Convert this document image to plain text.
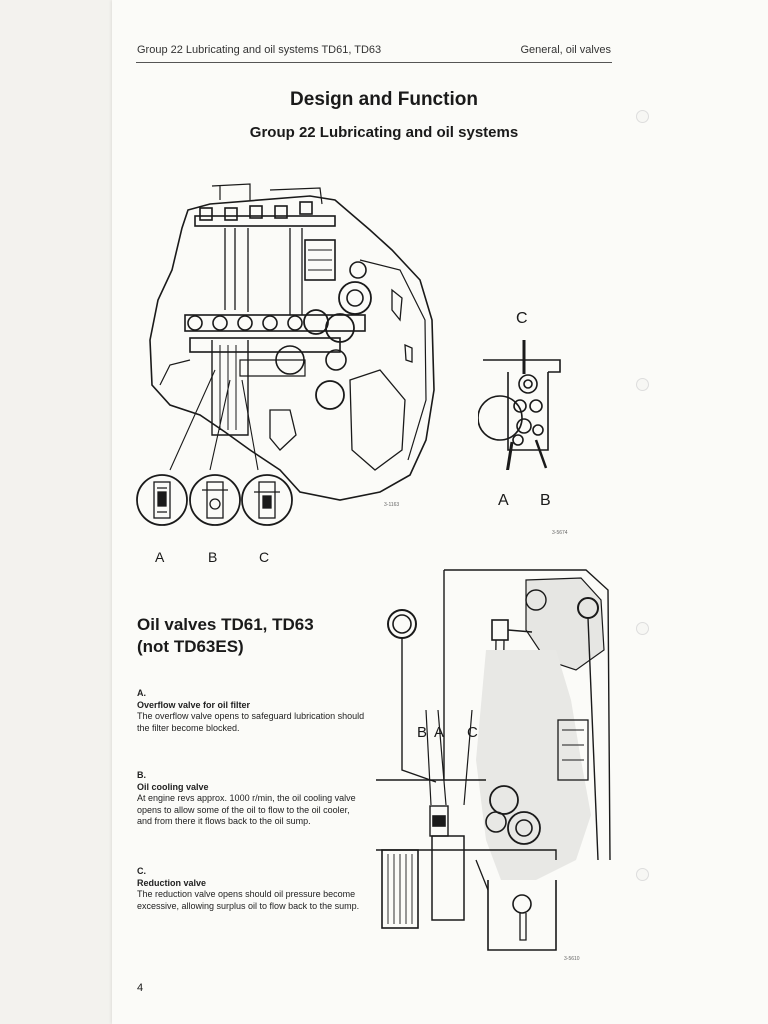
Group 22 Lubricating and oil systems TD61, TD63	General, oil valves
Design and Function
Group 22 Lubricating and oil systems
A	B	C
3-1163
C
A B
3-5674
Oil valves TD61, TD63
(not TD63ES)
A.
Overflow valve for oil filter
The overflow valve opens to safeguard lubrication should the filter become blocked.
B.
Oil cooling valve
At engine revs approx. 1000 r/min, the oil cooling valve opens to allow some of the oil to flow to the oil cooler, and from there it flows back to the oil sump.
C.
Reduction valve
The reduction valve opens should oil pressure become excessive, allowing surplus oil to flow back to the sump.
B A C
3-5610
4
